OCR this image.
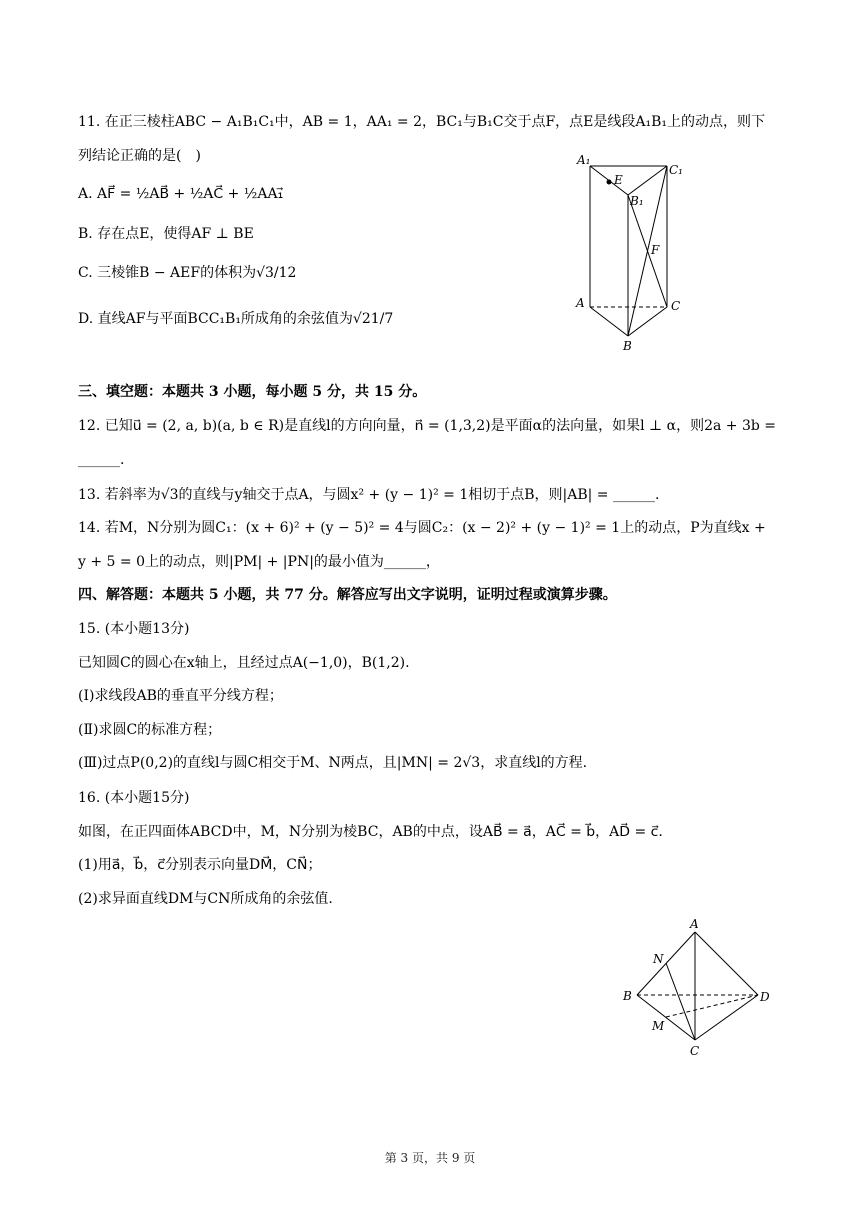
11. 在正三棱柱ABC − A₁B₁C₁中，AB = 1，AA₁ = 2，BC₁与B₁C交于点F，点E是线段A₁B₁上的动点，则下
列结论正确的是(　)
A. AF⃗ = ½AB⃗ + ½AC⃗ + ½AA₁⃗
B. 存在点E，使得AF ⊥ BE
C. 三棱锥B − AEF的体积为√3/12
D. 直线AF与平面BCC₁B₁所成角的余弦值为√21/7
A₁
C₁
E
B₁
F
A	C
B
三、填空题：本题共 3 小题，每小题 5 分，共 15 分。
12. 已知u⃗ = (2, a, b)(a, b ∈ R)是直线l的方向向量，n⃗ = (1,3,2)是平面α的法向量，如果l ⊥ α，则2a + 3b =
______.
13. 若斜率为√3的直线与y轴交于点A，与圆x² + (y − 1)² = 1相切于点B，则|AB| = ______.
14. 若M，N分别为圆C₁：(x + 6)² + (y − 5)² = 4与圆C₂：(x − 2)² + (y − 1)² = 1上的动点，P为直线x +
y + 5 = 0上的动点，则|PM| + |PN|的最小值为______，
四、解答题：本题共 5 小题，共 77 分。解答应写出文字说明，证明过程或演算步骤。
15. (本小题13分)
已知圆C的圆心在x轴上，且经过点A(−1,0)，B(1,2).
(Ⅰ)求线段AB的垂直平分线方程；
(Ⅱ)求圆C的标准方程；
(Ⅲ)过点P(0,2)的直线l与圆C相交于M、N两点，且|MN| = 2√3，求直线l的方程.
16. (本小题15分)
如图，在正四面体ABCD中，M，N分别为棱BC，AB的中点，设AB⃗ = a⃗，AC⃗ = b⃗，AD⃗ = c⃗.
(1)用a⃗，b⃗，c⃗分别表示向量DM⃗，CN⃗；
(2)求异面直线DM与CN所成角的余弦值.
A
N
B	D
M
C
第 3 页，共 9 页
